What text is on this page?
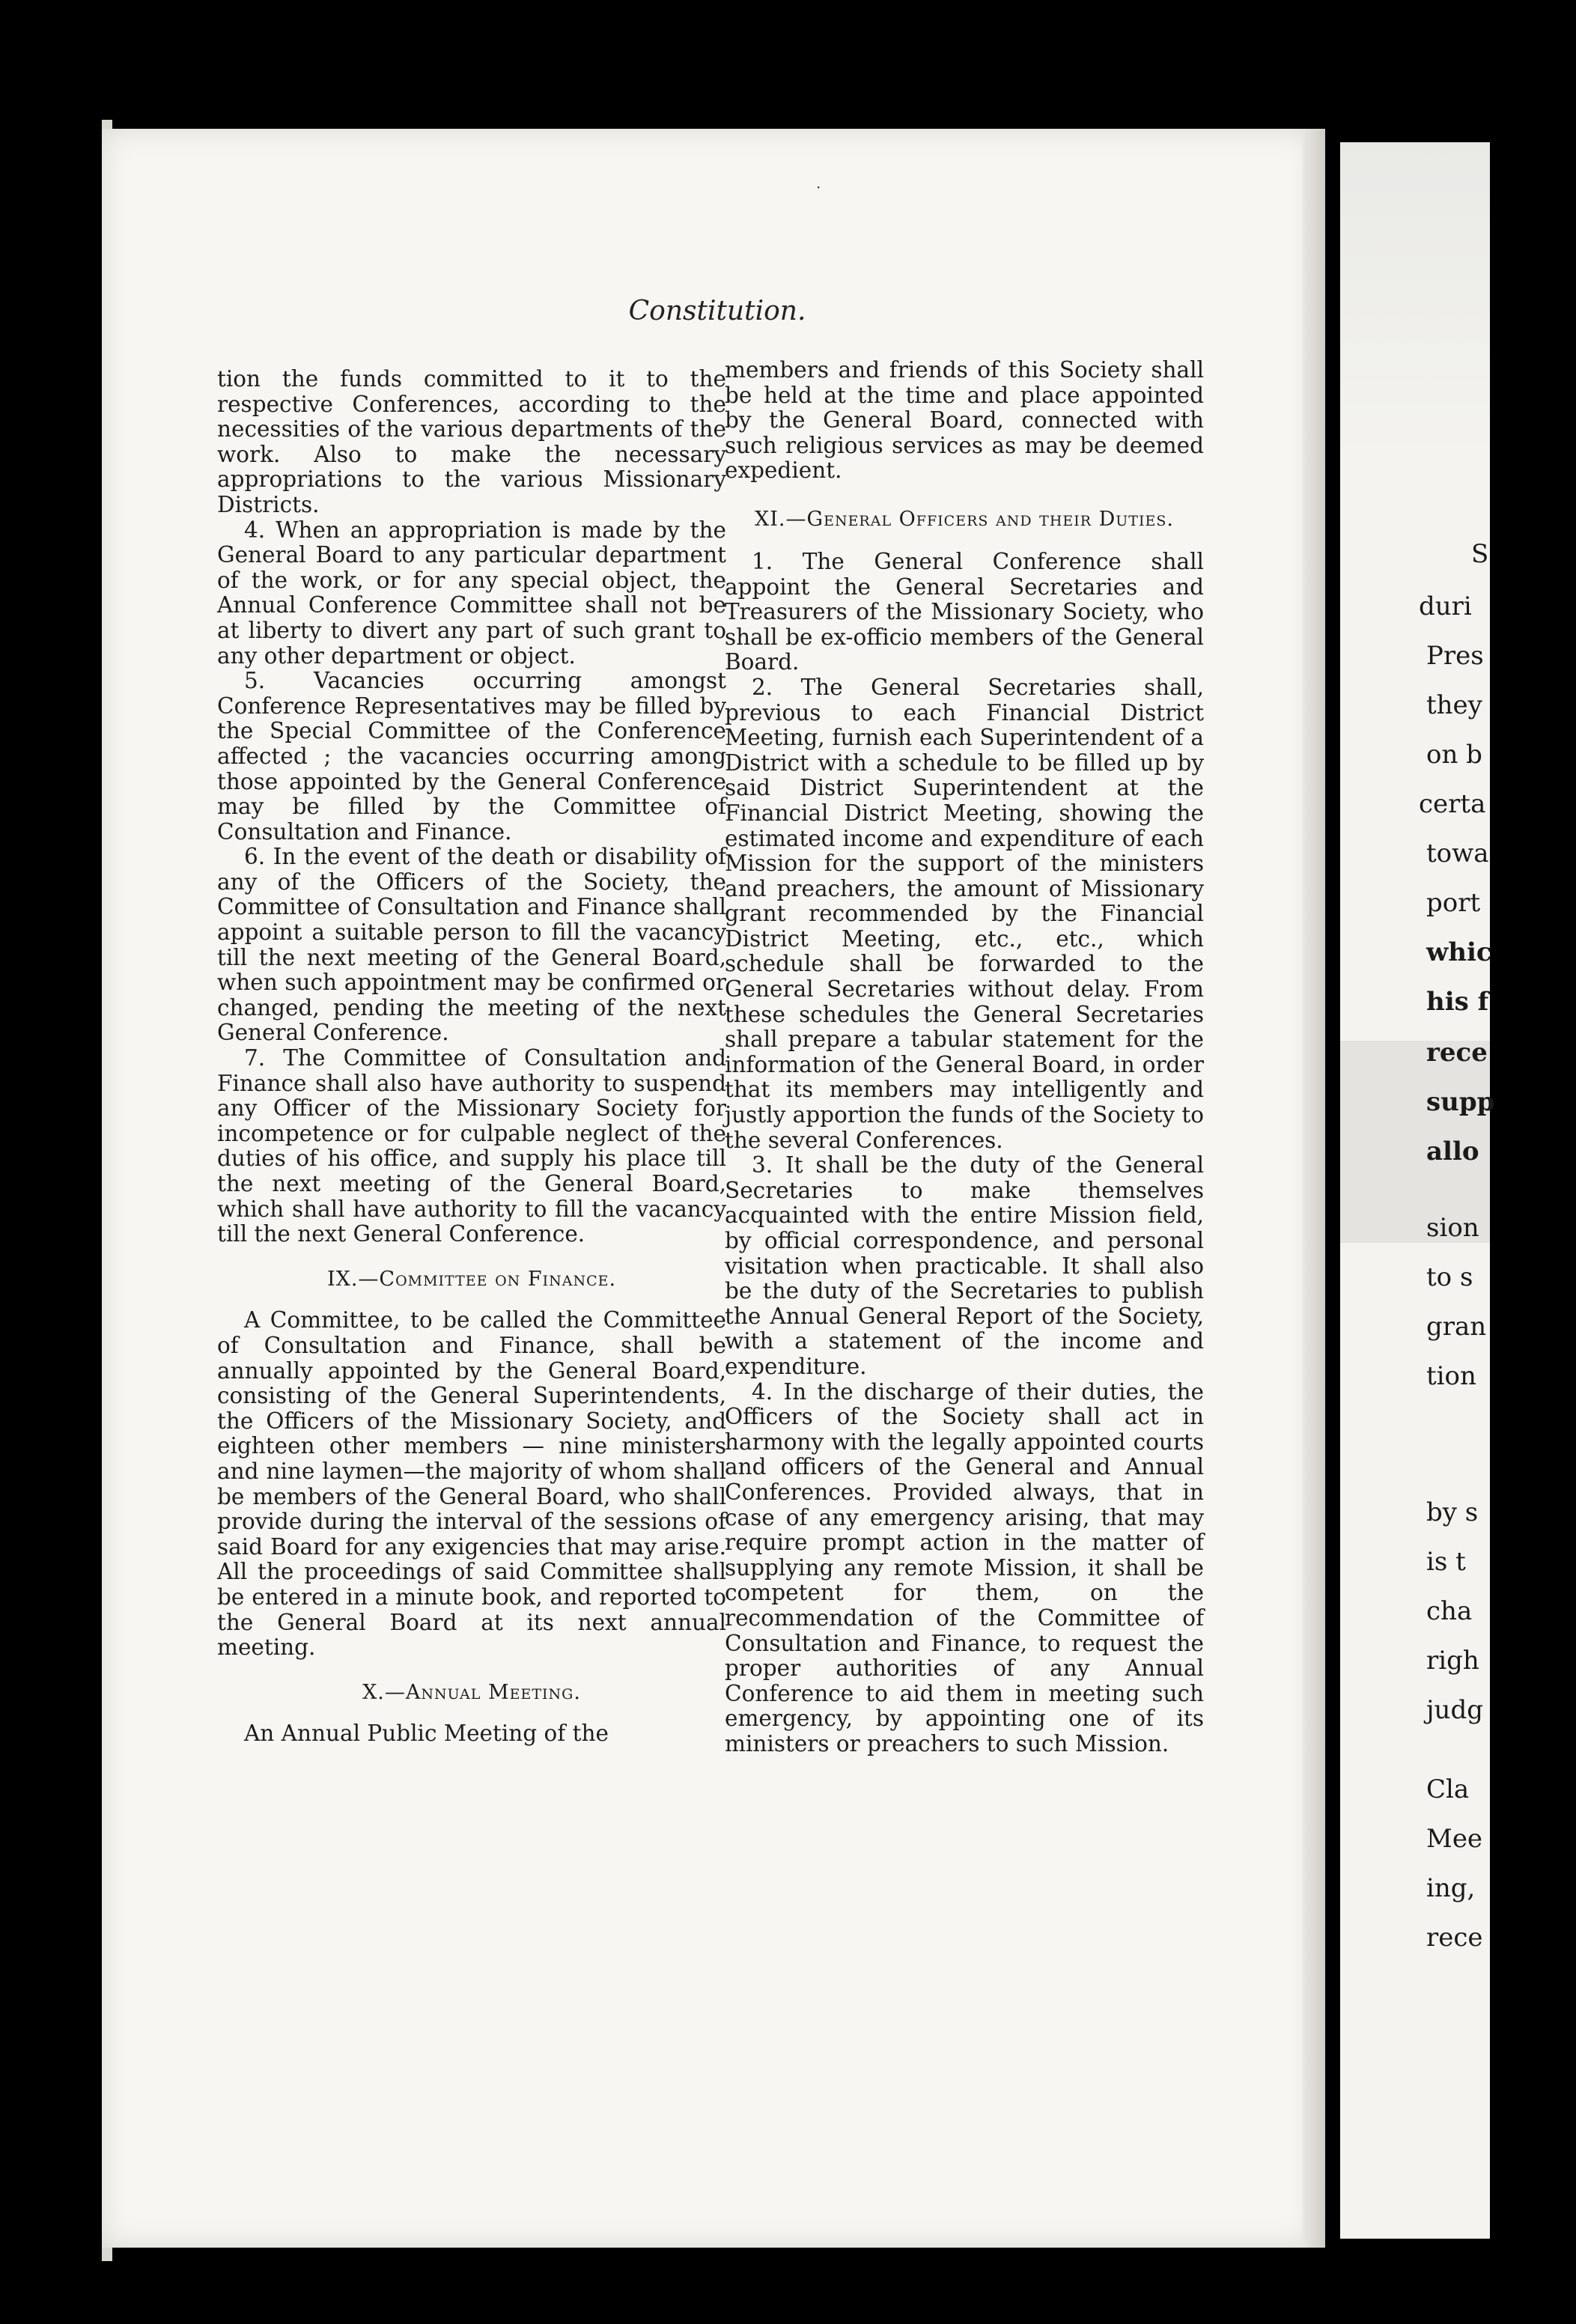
S
duri
Pres
they
on b
certa
towa
port
whic
his f
rece
supp
allo
sion
to s
gran
tion
by s
is t
cha
righ
judg
Cla
Mee
ing,
rece
·
Constitution.

tion the funds committed to it to the respective Conferences, according to the necessities of the various departments of the work. Also to make the necessary appropriations to the various Missionary Districts.

4. When an appropriation is made by the General Board to any particular department of the work, or for any special object, the Annual Conference Committee shall not be at liberty to divert any part of such grant to any other department or object.

5. Vacancies occurring amongst Conference Representatives may be filled by the Special Committee of the Conference affected ; the vacancies occurring among those appointed by the General Conference may be filled by the Committee of Consultation and Finance.

6. In the event of the death or disability of any of the Officers of the Society, the Committee of Consultation and Finance shall appoint a suitable person to fill the vacancy till the next meeting of the General Board, when such appointment may be confirmed or changed, pending the meeting of the next General Conference.

7. The Committee of Consultation and Finance shall also have authority to suspend any Officer of the Missionary Society for incompetence or for culpable neglect of the duties of his office, and supply his place till the next meeting of the General Board, which shall have authority to fill the vacancy till the next General Conference.

IX.—Committee on Finance.

A Committee, to be called the Committee of Consultation and Finance, shall be annually appointed by the General Board, consisting of the General Superintendents, the Officers of the Missionary Society, and eighteen other members — nine ministers and nine laymen—the majority of whom shall be members of the General Board, who shall provide during the interval of the sessions of said Board for any exigencies that may arise. All the proceedings of said Committee shall be entered in a minute book, and reported to the General Board at its next annual meeting.

X.—Annual Meeting.

An Annual Public Meeting of the

members and friends of this Society shall be held at the time and place appointed by the General Board, connected with such religious services as may be deemed expedient.

XI.—General Officers and their Duties.

1. The General Conference shall appoint the General Secretaries and Treasurers of the Missionary Society, who shall be ex-officio members of the General Board.

2. The General Secretaries shall, previous to each Financial District Meeting, furnish each Superintendent of a District with a schedule to be filled up by said District Superintendent at the Financial District Meeting, showing the estimated income and expenditure of each Mission for the support of the ministers and preachers, the amount of Missionary grant recommended by the Financial District Meeting, etc., etc., which schedule shall be forwarded to the General Secretaries without delay. From these schedules the General Secretaries shall prepare a tabular statement for the information of the General Board, in order that its members may intelligently and justly apportion the funds of the Society to the several Conferences.

3. It shall be the duty of the General Secretaries to make themselves acquainted with the entire Mission field, by official correspondence, and personal visitation when practicable. It shall also be the duty of the Secretaries to publish the Annual General Report of the Society, with a statement of the income and expenditure.

4. In the discharge of their duties, the Officers of the Society shall act in harmony with the legally appointed courts and officers of the General and Annual Conferences. Provided always, that in case of any emergency arising, that may require prompt action in the matter of supplying any remote Mission, it shall be competent for them, on the recommendation of the Committee of Consultation and Finance, to request the proper authorities of any Annual Conference to aid them in meeting such emergency, by appointing one of its ministers or preachers to such Mission.
